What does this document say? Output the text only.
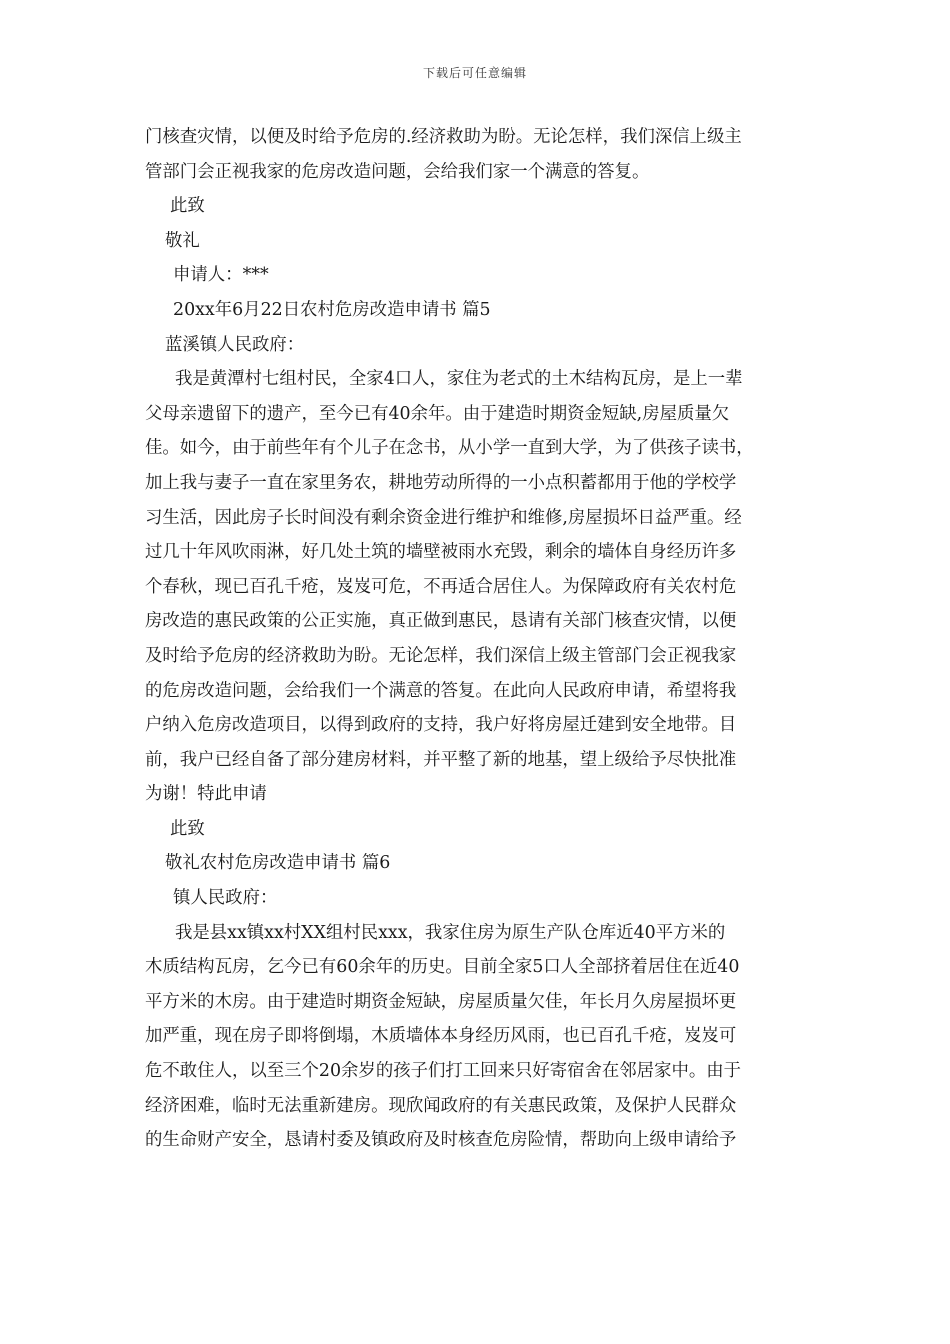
下载后可任意编辑
门核查灾情，以便及时给予危房的.经济救助为盼。无论怎样，我们深信上级主
管部门会正视我家的危房改造问题，会给我们家一个满意的答复。
此致
敬礼
申请人：***
20xx年6月22日农村危房改造申请书 篇5
蓝溪镇人民政府：
我是黄潭村七组村民，全家4口人，家住为老式的土木结构瓦房，是上一辈
父母亲遗留下的遗产，至今已有40余年。由于建造时期资金短缺,房屋质量欠
佳。如今，由于前些年有个儿子在念书，从小学一直到大学，为了供孩子读书，
加上我与妻子一直在家里务农，耕地劳动所得的一小点积蓄都用于他的学校学
习生活，因此房子长时间没有剩余资金进行维护和维修,房屋损坏日益严重。经
过几十年风吹雨淋，好几处土筑的墙壁被雨水充毁，剩余的墙体自身经历许多
个春秋，现已百孔千疮，岌岌可危，不再适合居住人。为保障政府有关农村危
房改造的惠民政策的公正实施，真正做到惠民，恳请有关部门核查灾情，以便
及时给予危房的经济救助为盼。无论怎样，我们深信上级主管部门会正视我家
的危房改造问题，会给我们一个满意的答复。在此向人民政府申请，希望将我
户纳入危房改造项目，以得到政府的支持，我户好将房屋迁建到安全地带。目
前，我户已经自备了部分建房材料，并平整了新的地基，望上级给予尽快批准
为谢！特此申请
此致
敬礼农村危房改造申请书 篇6
镇人民政府：
我是县xx镇xx村XX组村民xxx，我家住房为原生产队仓库近40平方米的
木质结构瓦房，乞今已有60余年的历史。目前全家5口人全部挤着居住在近40
平方米的木房。由于建造时期资金短缺，房屋质量欠佳，年长月久房屋损坏更
加严重，现在房子即将倒塌，木质墙体本身经历风雨，也已百孔千疮，岌岌可
危不敢住人，以至三个20余岁的孩子们打工回来只好寄宿舍在邻居家中。由于
经济困难，临时无法重新建房。现欣闻政府的有关惠民政策，及保护人民群众
的生命财产安全，恳请村委及镇政府及时核查危房险情，帮助向上级申请给予
